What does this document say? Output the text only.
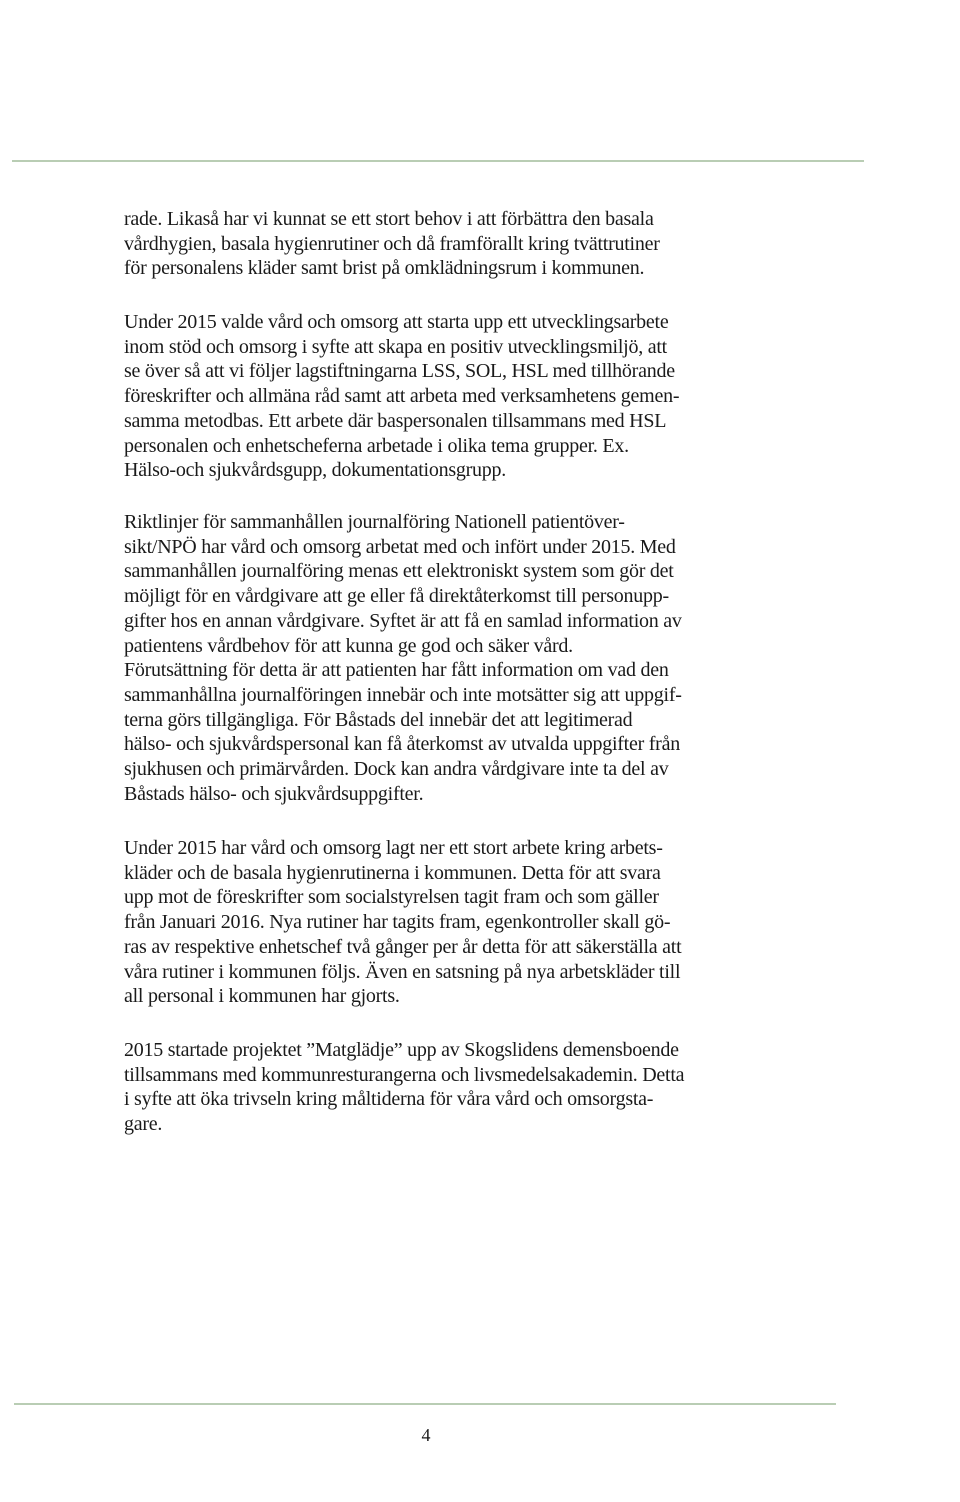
rade. Likaså har vi kunnat se ett stort behov i att förbättra den basala
vårdhygien, basala hygienrutiner och då framförallt kring tvättrutiner
för personalens kläder samt brist på omklädningsrum i kommunen.
Under 2015 valde vård och omsorg att starta upp ett utvecklingsarbete
inom stöd och omsorg i syfte att skapa en positiv utvecklingsmiljö, att
se över så att vi följer lagstiftningarna LSS, SOL, HSL med tillhörande
föreskrifter och allmäna råd samt att arbeta med verksamhetens gemen-
samma metodbas. Ett arbete där baspersonalen tillsammans med HSL
personalen och enhetscheferna arbetade i olika tema grupper. Ex.
Hälso-och sjukvårdsgupp, dokumentationsgrupp.
Riktlinjer för sammanhållen journalföring Nationell patientöver-
sikt/NPÖ har vård och omsorg arbetat med och infört under 2015. Med
sammanhållen journalföring menas ett elektroniskt system som gör det
möjligt för en vårdgivare att ge eller få direktåterkomst till personupp-
gifter hos en annan vårdgivare. Syftet är att få en samlad information av
patientens vårdbehov för att kunna ge god och säker vård.
Förutsättning för detta är att patienten har fått information om vad den
sammanhållna journalföringen innebär och inte motsätter sig att uppgif-
terna görs tillgängliga. För Båstads del innebär det att legitimerad
hälso- och sjukvårdspersonal kan få återkomst av utvalda uppgifter från
sjukhusen och primärvården. Dock kan andra vårdgivare inte ta del av
Båstads hälso- och sjukvårdsuppgifter.
Under 2015 har vård och omsorg lagt ner ett stort arbete kring arbets-
kläder och de basala hygienrutinerna i kommunen. Detta för att svara
upp mot de föreskrifter som socialstyrelsen tagit fram och som gäller
från Januari 2016. Nya rutiner har tagits fram, egenkontroller skall gö-
ras av respektive enhetschef två gånger per år detta för att säkerställa att
våra rutiner i kommunen följs. Även en satsning på nya arbetskläder till
all personal i kommunen har gjorts.
2015 startade projektet ”Matglädje” upp av Skogslidens demensboende
tillsammans med kommunresturangerna och livsmedelsakademin. Detta
i syfte att öka trivseln kring måltiderna för våra vård och omsorgsta-
gare.
4
